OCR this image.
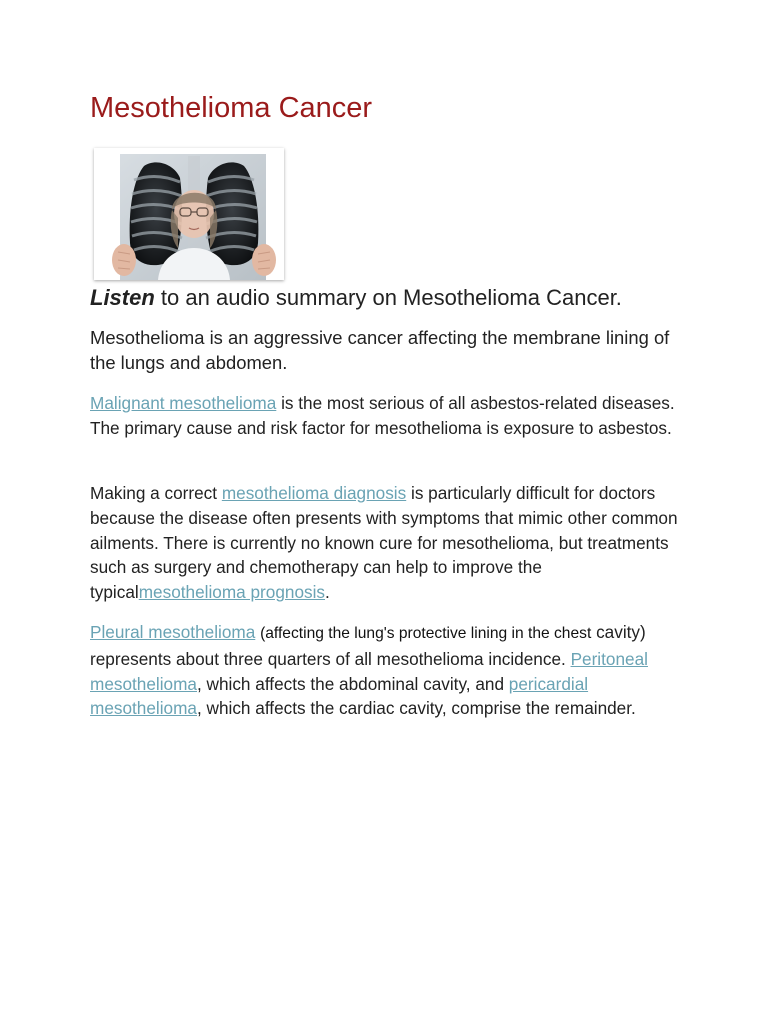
Mesothelioma Cancer

Listen to an audio summary on Mesothelioma Cancer.

Mesothelioma is an aggressive cancer affecting the membrane lining of the lungs and abdomen.

Malignant mesothelioma is the most serious of all asbestos-related diseases. The primary cause and risk factor for mesothelioma is exposure to asbestos.

Making a correct mesothelioma diagnosis is particularly difficult for doctors because the disease often presents with symptoms that mimic other common ailments. There is currently no known cure for mesothelioma, but treatments such as surgery and chemotherapy can help to improve the typicalmesothelioma prognosis.

Pleural mesothelioma (affecting the lung's protective lining in the chest cavity) represents about three quarters of all mesothelioma incidence. Peritoneal mesothelioma, which affects the abdominal cavity, and pericardial mesothelioma, which affects the cardiac cavity, comprise the remainder.
